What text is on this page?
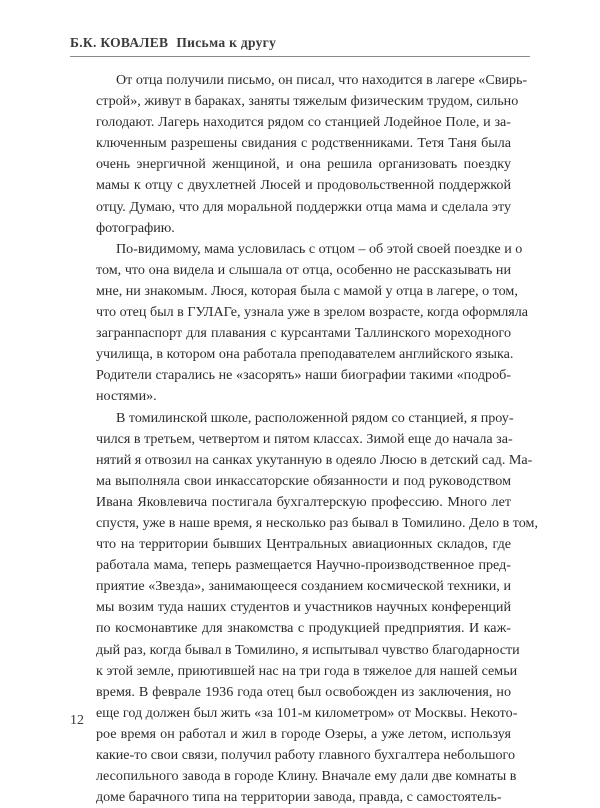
Б.К. КОВАЛЕВ Письма к другу
От отца получили письмо, он писал, что находится в лагере «Свирь-
строй», живут в бараках, заняты тяжелым физическим трудом, сильно
голодают. Лагерь находится рядом со станцией Лодейное Поле, и за-
ключенным разрешены свидания с родственниками. Тетя Таня была
очень энергичной женщиной, и она решила организовать поездку
мамы к отцу с двухлетней Люсей и продовольственной поддержкой
отцу. Думаю, что для моральной поддержки отца мама и сделала эту
фотографию.
По-видимому, мама условилась с отцом – об этой своей поездке и о
том, что она видела и слышала от отца, особенно не рассказывать ни
мне, ни знакомым. Люся, которая была с мамой у отца в лагере, о том,
что отец был в ГУЛАГе, узнала уже в зрелом возрасте, когда оформляла
загранпаспорт для плавания с курсантами Таллинского мореходного
училища, в котором она работала преподавателем английского языка.
Родители старались не «засорять» наши биографии такими «подроб-
ностями».
В томилинской школе, расположенной рядом со станцией, я проу-
чился в третьем, четвертом и пятом классах. Зимой еще до начала за-
нятий я отвозил на санках укутанную в одеяло Люсю в детский сад. Ма-
ма выполняла свои инкассаторские обязанности и под руководством
Ивана Яковлевича постигала бухгалтерскую профессию. Много лет
спустя, уже в наше время, я несколько раз бывал в Томилино. Дело в том,
что на территории бывших Центральных авиационных складов, где
работала мама, теперь размещается Научно-производственное пред-
приятие «Звезда», занимающееся созданием космической техники, и
мы возим туда наших студентов и участников научных конференций
по космонавтике для знакомства с продукцией предприятия. И каж-
дый раз, когда бывал в Томилино, я испытывал чувство благодарности
к этой земле, приютившей нас на три года в тяжелое для нашей семьи
время. В феврале 1936 года отец был освобожден из заключения, но
еще год должен был жить «за 101-м километром» от Москвы. Некото-
рое время он работал и жил в городе Озеры, а уже летом, используя
какие-то свои связи, получил работу главного бухгалтера небольшого
лесопильного завода в городе Клину. Вначале ему дали две комнаты в
доме барачного типа на территории завода, правда, с самостоятель-
12
